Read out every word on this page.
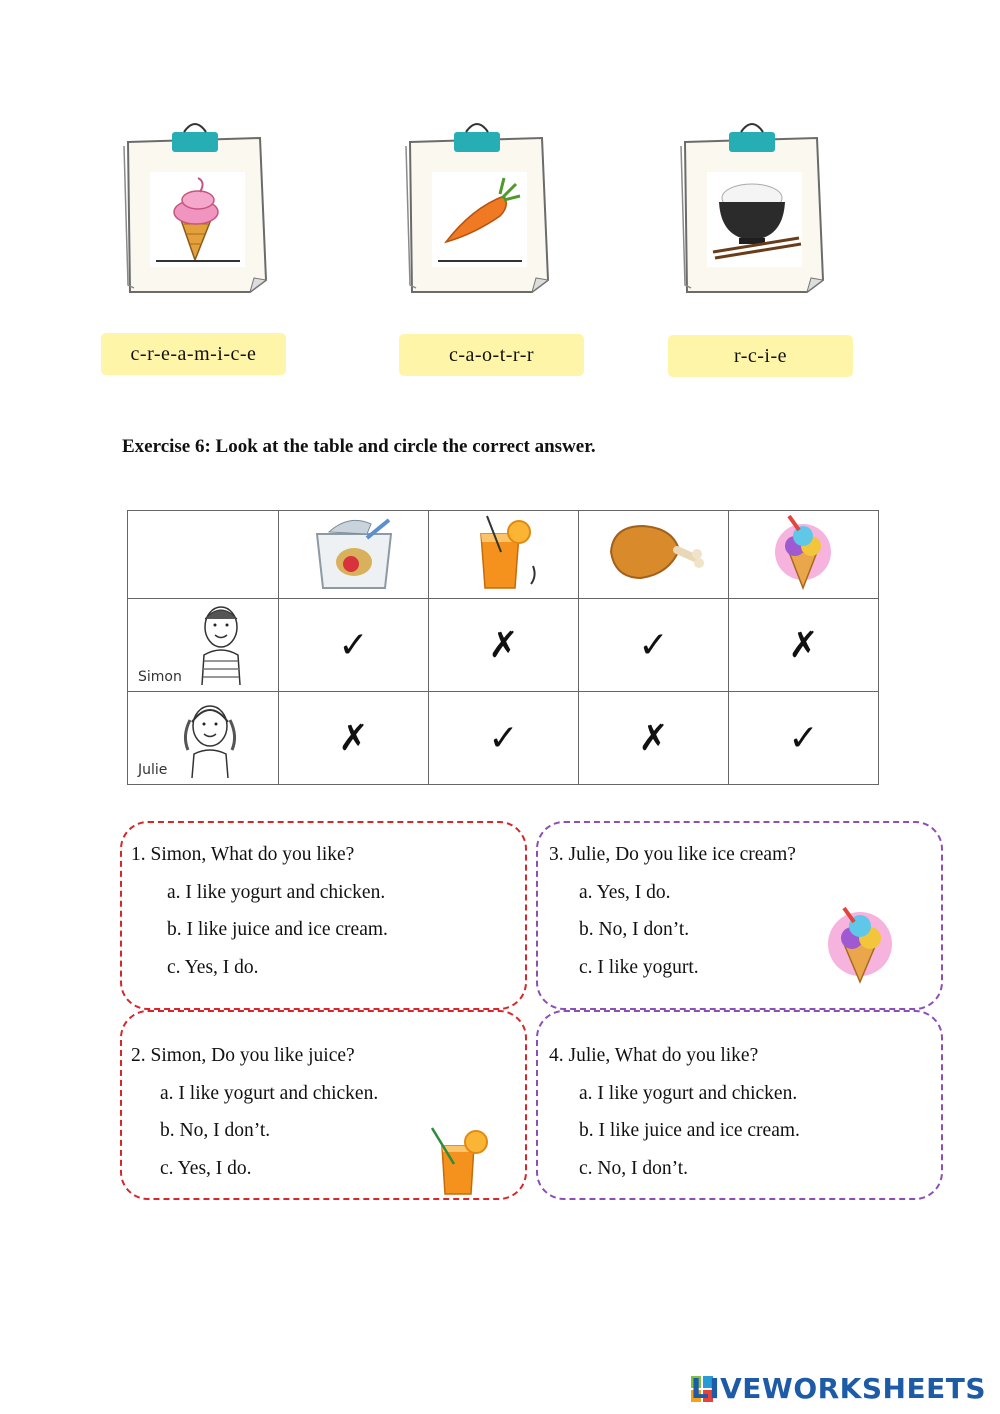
c-r-e-a-m-i-c-e	c-a-o-t-r-r	r-c-i-e
Exercise 6: Look at the table and circle the correct answer.

Simon	✓	✗	✓	✗

Julie	✗	✓	✗	✓
1. Simon, What do you like?
a. I like yogurt and chicken.
b. I like juice and ice cream.
c. Yes, I do.
2. Simon, Do you like juice?
a. I like yogurt and chicken.
b. No, I don’t.
c. Yes, I do.
3. Julie, Do you like ice cream?
a. Yes, I do.
b. No, I don’t.
c. I like yogurt.
4. Julie, What do you like?
a. I like yogurt and chicken.
b. I like juice and ice cream.
c. No, I don’t.
LIVEWORKSHEETS
